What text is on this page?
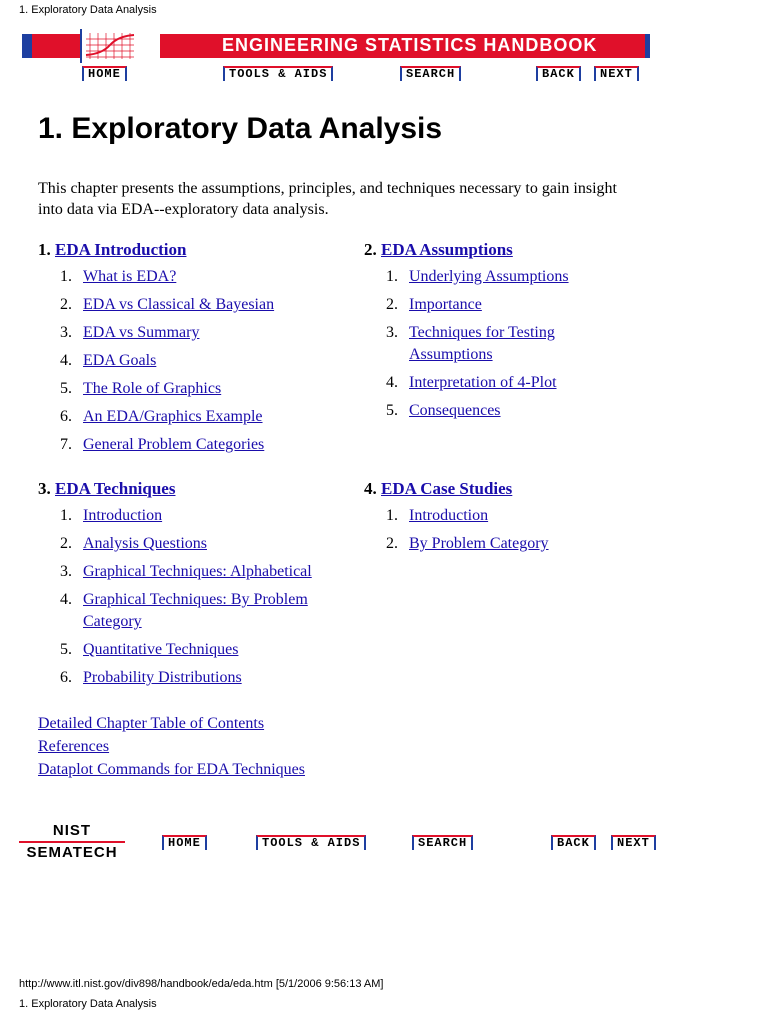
1. Exploratory Data Analysis
ENGINEERING STATISTICS HANDBOOK
HOME	TOOLS & AIDS	SEARCH	BACK	NEXT
1. Exploratory Data Analysis

This chapter presents the assumptions, principles, and techniques necessary to gain insight into data via EDA--exploratory data analysis.

1. EDA Introduction
1. What is EDA?
2. EDA vs Classical & Bayesian
3. EDA vs Summary
4. EDA Goals
5. The Role of Graphics
6. An EDA/Graphics Example
7. General Problem Categories
2. EDA Assumptions
1. Underlying Assumptions
2. Importance
3. Techniques for Testing Assumptions
4. Interpretation of 4-Plot
5. Consequences
3. EDA Techniques
1. Introduction
2. Analysis Questions
3. Graphical Techniques: Alphabetical
4. Graphical Techniques: By Problem Category
5. Quantitative Techniques
6. Probability Distributions
4. EDA Case Studies
1. Introduction
2. By Problem Category
Detailed Chapter Table of Contents
References
Dataplot Commands for EDA Techniques
NIST
SEMATECH
HOME	TOOLS & AIDS	SEARCH	BACK	NEXT
http://www.itl.nist.gov/div898/handbook/eda/eda.htm [5/1/2006 9:56:13 AM]
1. Exploratory Data Analysis
